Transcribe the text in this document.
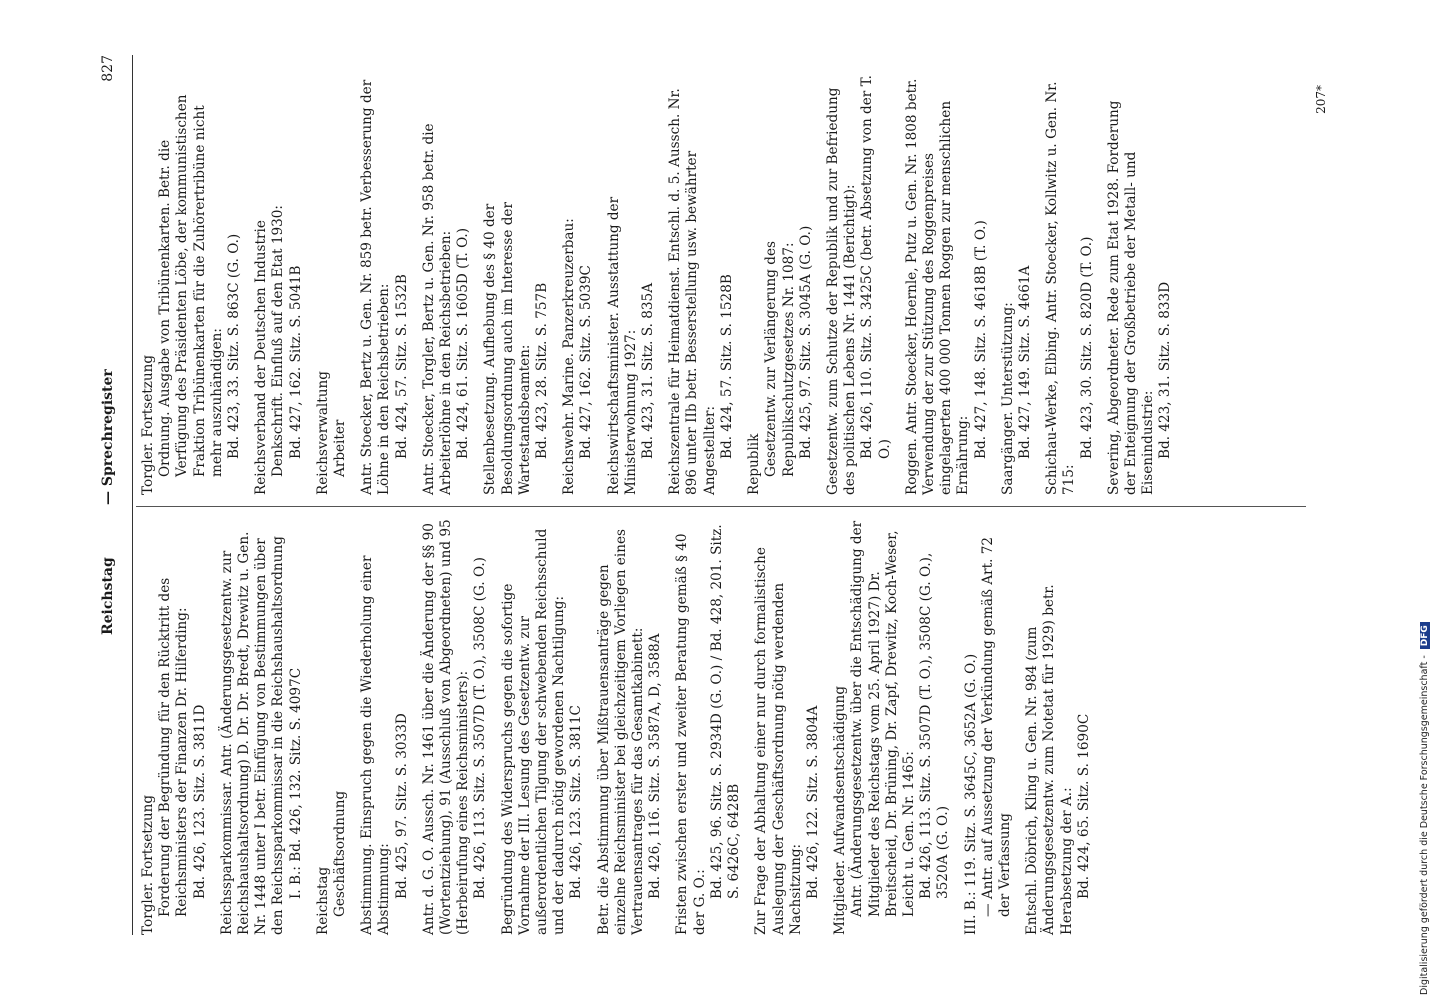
Reichstag
— Sprechregister
827
Torgler. Fortsetzung Forderung der Begründung für den Rücktritt des Reichsministers der Finanzen Dr. Hilferding: Bd. 426, 123. Sitz. S. 3811D Reichssparkommissar. Antr. (Änderungsgesetzentw. zur Reichshaushaltsordnung) D. Dr. Dr. Bredt, Drewitz u. Gen. Nr. 1448 unter I betr. Einfügung von Bestimmungen über den Reichssparkommissar in die Reichshaushaltsordnung I. B.: Bd. 426, 132. Sitz. S. 4097C
Reichstag Geschäftsordnung Abstimmung. Einspruch gegen die Wiederholung einer Abstimmung: Bd. 425, 97. Sitz. S. 3033D Antr. d. G. O. Aussch. Nr. 1461 über die Änderung der §§ 90 (Wortentziehung), 91 (Ausschluß von Abgeordneten) und 95 (Herbeirufung eines Reichsministers): Bd. 426, 113. Sitz. S. 3507D (T. O.), 3508C (G. O.) Begründung des Widerspruchs gegen die sofortige Vornahme der III. Lesung des Gesetzentw. zur außerordentlichen Tilgung der schwebenden Reichsschuld und der dadurch nötig gewordenen Nachtilgung: Bd. 426, 123. Sitz. S. 3811C Betr. die Abstimmung über Mißtrauensanträge gegen einzelne Reichsminister bei gleichzeitigem Vorliegen eines Vertrauensantrages für das Gesamtkabinett: Bd. 426, 116. Sitz. S. 3587A, D, 3588A Fristen zwischen erster und zweiter Beratung gemäß § 40 der G. O.:
Bd. 425, 96. Sitz. S. 2934D (G. O.) / Bd. 428, 201. Sitz. S. 6426C, 6428B Zur Frage der Abhaltung einer nur durch formalistische Auslegung der Geschäftsordnung nötig werdenden Nachsitzung: Bd. 426, 122. Sitz. S. 3804A Mitglieder. Aufwandsentschädigung Antr. (Änderungsgesetzentw. über die Entschädigung der Mitglieder des Reichstags vom 25. April 1927) Dr. Breitscheid, Dr. Brüning, Dr. Zapf, Drewitz, Koch-Weser, Leicht u. Gen. Nr. 1465: Bd. 426, 113. Sitz. S. 3507D (T. O.), 3508C (G. O.), 3520A (G. O.) III. B.: 119. Sitz. S. 3645C, 3652A (G. O.) — Antr. auf Aussetzung der Verkündung gemäß Art. 72 der Verfassung Entschl. Döbrich, Kling u. Gen. Nr. 984 (zum Änderungsgesetzentw. zum Notetat für 1929) betr. Herabsetzung der A.: Bd. 424, 65. Sitz. S. 1690C
Torgler. Fortsetzung Ordnung. Ausgabe von Tribünenkarten. Betr. die Verfügung des Präsidenten Löbe, der kommunistischen Fraktion Tribünenkarten für die Zuhörertribüne nicht mehr auszuhändigen: Bd. 423, 33. Sitz. S. 863C (G. O.) Reichsverband der Deutschen Industrie Denkschrift. Einfluß auf den Etat 1930: Bd. 427, 162. Sitz. S. 5041B Reichsverwaltung Arbeiter Antr. Stoecker, Bertz u. Gen. Nr. 859 betr. Verbesserung der Löhne in den Reichsbetrieben: Bd. 424, 57. Sitz. S. 1532B Antr. Stoecker, Torgler, Bertz u. Gen. Nr. 958 betr. die Arbeiterlöhne in den Reichsbetrieben: Bd. 424, 61. Sitz. S. 1605D (T. O.) Stellenbesetzung. Aufhebung des § 40 der Besoldungsordnung auch im Interesse der Wartestandsbeamten: Bd. 423, 28. Sitz. S. 757B Reichswehr. Marine. Panzerkreuzerbau: Bd. 427, 162. Sitz. S. 5039C Reichswirtschaftsminister. Ausstattung der Ministerwohnung 1927: Bd. 423, 31. Sitz. S. 835A Reichszentrale für Heimatdienst. Entschl. d. 5. Aussch. Nr. 896 unter IIb betr. Besserstellung usw. bewährter Angestellter: Bd. 424, 57. Sitz. S. 1528B
Republik Gesetzentw. zur Verlängerung des Republikschutzgesetzes Nr. 1087: Bd. 425, 97. Sitz. S. 3045A (G. O.) Gesetzentw. zum Schutze der Republik und zur Befriedung des politischen Lebens Nr. 1441 (Berichtigt): Bd. 426, 110. Sitz. S. 3425C (betr. Absetzung von der T. O.) Roggen. Antr. Stoecker, Hoernle, Putz u. Gen. Nr. 1808 betr. Verwendung der zur Stützung des Roggenpreises eingelagerten 400 000 Tonnen Roggen zur menschlichen Ernährung: Bd. 427, 148. Sitz. S. 4618B (T. O.) Saargänger. Unterstützung: Bd. 427, 149. Sitz. S. 4661A Schichau-Werke, Elbing. Antr. Stoecker, Kollwitz u. Gen. Nr. 715:
Bd. 423, 30. Sitz. S. 820D (T. O.) Severing, Abgeordneter. Rede zum Etat 1928. Forderung der Enteignung der Großbetriebe der Metall- und Eisenindustrie: Bd. 423, 31. Sitz. S. 833D
207*
Digitalisierung gefördert durch die Deutsche Forschungsgemeinschaft - DFG
